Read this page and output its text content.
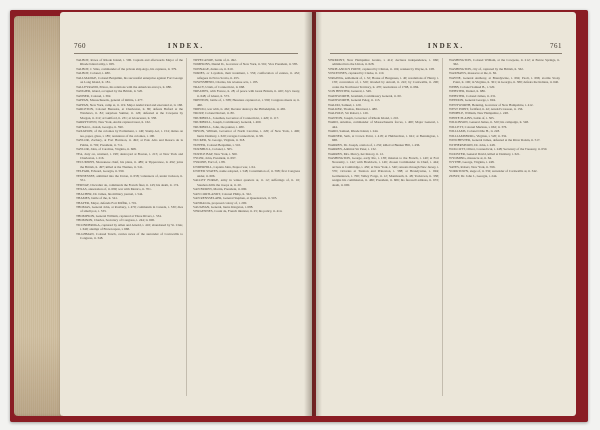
760	INDEX.

TALBOT, Rowe of Rhode Island, i. 596. Captain and afterwards Major of the Rhode Island army, i. 605.

TALBOT, J. Silas, commander of the private ship Argo, his captures, ii. 379.

TALBOT, Colonel, i. 480.

TALLMADGE, Colonel Benjamin, his successful enterprise against Fort George on Long Island, ii. 181.

TALLEYRAND, Prince, his relations with the American envoys, ii. 680.

TANGIER, island, occupied by the British, ii. 520.

TANNER, Colonel, i. 392.

TAPPAN, Massachusetts, general of militia, i. 477.

TAPPAN, New York, camp at, ii. 119. Major André tried and executed at, ii. 168.

TARLETON, Colonel Banastre, at Charleston, ii. 80; defeats Buford at the Waxhaws, ii. 82; surprises Sumter, ii. 126; defeated at the Cowpens by Morgan, ii. 212; at Guilford, ii. 231; at Gloucester, ii. 338.

TARRYTOWN, New York, André captured near, ii. 162.

TATNALL, Josiah, Georgia, ii. 590.

TAXATION, of the colonies by Parliament, i. 140; Stamp Act, i. 154; duties on tea, paper, glass, i. 185; resistance of the colonies, i. 190.

TAYLOR, Zachary, at Fort Harrison, ii. 492; at Palo Alto and Resaca de la Palma, ii. 702; President, ii. 711.

TAYLOR, John, of Caroline, Virginia, ii. 668.

TEA, duty on, retained, i. 198; destroyed at Boston, i. 215; at New York and Charleston, i. 216.

TECUMSEH, Shawanese chief, his plans, ii. 489; at Tippecanoe, ii. 492; joins the British, ii. 497; killed at the Thames, ii. 541.

TELFAIR, Edward, Georgia, ii. 590.

TENNESSEE, admitted into the Union, ii. 658; volunteers of, under Jackson, ii. 551.

TERNAY, Chevalier de, commands the French fleet, ii. 143; his death, ii. 174.

TEXAS, annexation of, ii. 699; war with Mexico, ii. 701.

THACHER, Dr. James, his military journal, i. 544.

THAMES, battle of the, ii. 541.

THAYER, Major, defends Fort Mifflin, i. 701.

THOMAS, General John, at Roxbury, i. 470; commands in Canada, i. 530; dies of small pox, i. 533.

THOMPSON, General William, captured at Three Rivers, i. 534.

THOMSON, Charles, Secretary of Congress, i. 244; ii. 600.

TICONDEROGA, captured by Allen and Arnold, i. 416; abandoned by St. Clair, i. 640; attempt of Brown upon, i. 668.

TILGHMAN, Colonel Tench, carries news of the surrender of Cornwallis to Congress, ii. 348.

TIPPECANOE, battle of, ii. 492.

TOMPKINS, Daniel D., Governor of New York, ii. 561; Vice President, ii. 585.

TONNAGE, duties on, ii. 610.

TORIES, or Loyalists, their treatment, i. 556; confiscation of estates, ii. 452; refugees in Nova Scotia, ii. 455.

TOWNSHEND, Charles, his revenue acts, i. 185.

TRACY, Uriah, of Connecticut, ii. 668.

TREATIES, with France, ii. 28; of peace with Great Britain, ii. 420; Jay's treaty, ii. 648; of Ghent, ii. 573.

TRENTON, battle of, i. 588; Hessians captured at, i. 590; Congress meets at, ii. 460.

TRIPOLI, war with, ii. 462; Decatur destroys the Philadelphia, ii. 465.

TROUP, Colonel Robert, ii. 80.

TRUMBULL, Jonathan, Governor of Connecticut, i. 420; ii. 117.

TRUMBULL, Joseph, Commissary General, i. 460.

TRUMBULL, John, the painter, i. 480.

TRYON, William, Governor of North Carolina, i. 220; of New York, i. 496; burns Danbury, i. 620; ravages Connecticut, ii. 98.

TUCKER, St. George, Virginia, ii. 318.

TUPPER, Colonel Benjamin, i. 510.

TURNBULL, Colonel, i. 505.

TURTLE BAY, New York, i. 560.

TYLER, John, President, ii. 697.

TYRONE, Earl of, i. 88.

UNDERHILL, Captain John, Pequot war, i. 64.

UNITED STATES, name adopted, i. 548; Constitution of, ii. 598; first Congress under, ii. 606.

VALLEY FORGE, army in winter quarters at, ii. 12; sufferings of, ii. 16; Steuben drills the troops at, ii. 20.

VAN BUREN, Martin, President, ii. 690.

VAN CORTLANDT, Colonel Philip, ii. 322.

VAN RENSSELAER, General Stephen, at Queenstown, ii. 505.

VANDALIA, proposed colony of, i. 200.

VAUGHAN, General, burns Kingston, i. 688.

VERGENNES, Count de, French minister, ii. 25; his policy, ii. 414.

INDEX.	761

VERMONT, New Hampshire Grants, i. 412; declares independence, i. 660; admitted into the Union, ii. 628.

VERPLANCK'S POINT, captured by Clinton, ii. 104; retaken by Wayne, ii. 108.

VINCENNES, captured by Clarke, ii. 110.

VIRGINIA, settlement of, i. 32; House of Burgesses, i. 40; resolutions of Henry, i. 158; convention of, i. 520; invaded by Arnold, ii. 222; by Cornwallis, ii. 290; cedes the Northwest Territory, ii. 470; resolutions of 1798, ii. 684.

VON HEISTER, General, i. 549.

WADSWORTH, Jeremiah, Commissary General, ii. 60.

WADSWORTH, General Peleg, ii. 113.

WALDO, Samuel, i. 120.

WALKER, Thomas, Montreal, i. 480.

WALPOLE, Sir Robert, i. 126.

WANTON, Joseph, Governor of Rhode Island, i. 210.

WARD, Artemas, commander of Massachusetts forces, i. 400; Major General, i. 444.

WARD, Samuel, Rhode Island, i. 244.

WARNER, Seth, at Crown Point, i. 418; at Hubbardton, i. 641; at Bennington, i. 668.

WARREN, Dr. Joseph, oration of, i. 232; killed at Bunker Hill, i. 436.

WARREN, Admiral Sir Peter, i. 132.

WARREN, Mrs. Mercy, her history, ii. 12.

WASHINGTON, George, early life, i. 138; mission to the French, i. 140; at Fort Necessity, i. 142; with Braddock, i. 146; chosen Commander in Chief, i. 444; arrives at Cambridge, i. 456; at New York, i. 540; retreats through New Jersey, i. 576; victories at Trenton and Princeton, i. 588; at Brandywine, i. 694; Germantown, i. 700; Valley Forge, ii. 12; Monmouth, ii. 48; Yorktown, ii. 338; resigns his commission, ii. 460; President, ii. 606; his farewell address, ii. 672; death, ii. 690.

WASHINGTON, Colonel William, at the Cowpens, ii. 212; at Eutaw Springs, ii. 362.

WASHINGTON, city of, captured by the British, ii. 562.

WAXHAWS, massacre at the, ii. 82.

WAYNE, General Anthony, at Brandywine, i. 694; Paoli, i. 696; storms Stony Point, ii. 106; in Virginia, ii. 301; in Georgia, ii. 380; defeats the Indians, ii. 640.

WEBB, Colonel Samuel B., i. 520.

WEBSTER, Daniel, ii. 686.

WEBSTER, Colonel James, ii. 231.

WEEDON, General George, i. 694.

WENTWORTH, Benning, Governor of New Hampshire, i. 412.

WEST POINT, fortified, ii. 42; Arnold's treason, ii. 156.

WHIPPLE, William, New Hampshire, i. 248.

WHITE PLAINS, battle of, i. 565.

WILKINSON, General James, ii. 520; his campaign, ii. 548.

WILLETT, Colonel Marinus, i. 662; ii. 376.

WILLIAMS, Colonel Otho H., ii. 228.

WILLIAMSBURG, Virginia, i. 520; ii. 332.

WINCHESTER, General James, defeated at the River Raisin, ii. 517.

WITHERSPOON, Dr. John, i. 248.

WOLCOTT, Oliver, Connecticut, i. 248; Secretary of the Treasury, ii. 650.

WOOSTER, General David, killed at Danbury, i. 621.

WYOMING, massacre at, ii. 64.

WYTHE, George, Virginia, i. 248.

YATES, Robert, New York, ii. 596.

YORKTOWN, siege of, ii. 332; surrender of Cornwallis at, ii. 342.

ZUBLY, Dr. John J., Georgia, i. 244.
